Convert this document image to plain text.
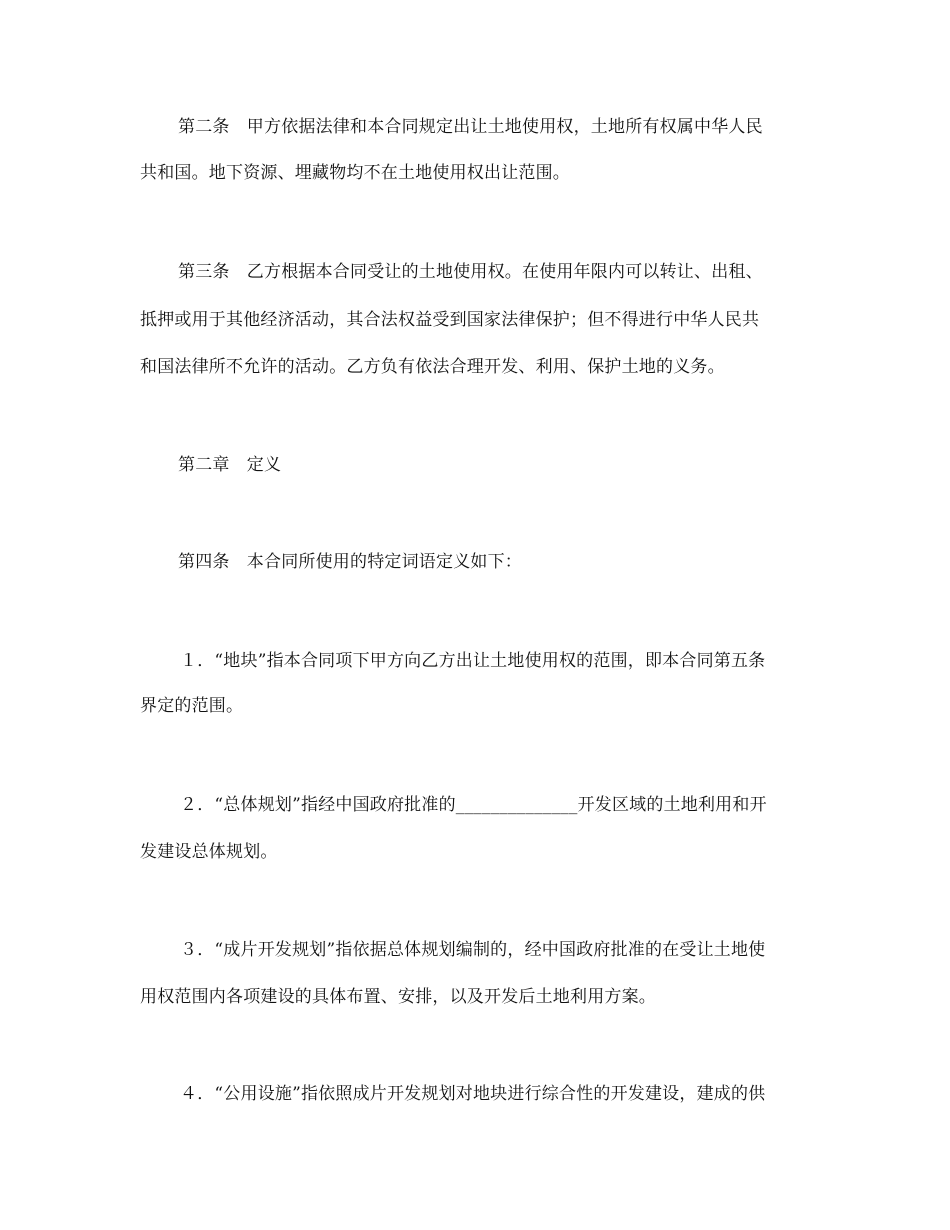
第二条　甲方依据法律和本合同规定出让土地使用权，土地所有权属中华人民
共和国。地下资源、埋藏物均不在土地使用权出让范围。
第三条　乙方根据本合同受让的土地使用权。在使用年限内可以转让、出租、
抵押或用于其他经济活动，其合法权益受到国家法律保护；但不得进行中华人民共
和国法律所不允许的活动。乙方负有依法合理开发、利用、保护土地的义务。
第二章　定义
第四条　本合同所使用的特定词语定义如下：
１．“地块”指本合同项下甲方向乙方出让土地使用权的范围，即本合同第五条
界定的范围。
２．“总体规划”指经中国政府批准的______________开发区域的土地利用和开
发建设总体规划。
３．“成片开发规划”指依据总体规划编制的，经中国政府批准的在受让土地使
用权范围内各项建设的具体布置、安排，以及开发后土地利用方案。
４．“公用设施”指依照成片开发规划对地块进行综合性的开发建设，建成的供
